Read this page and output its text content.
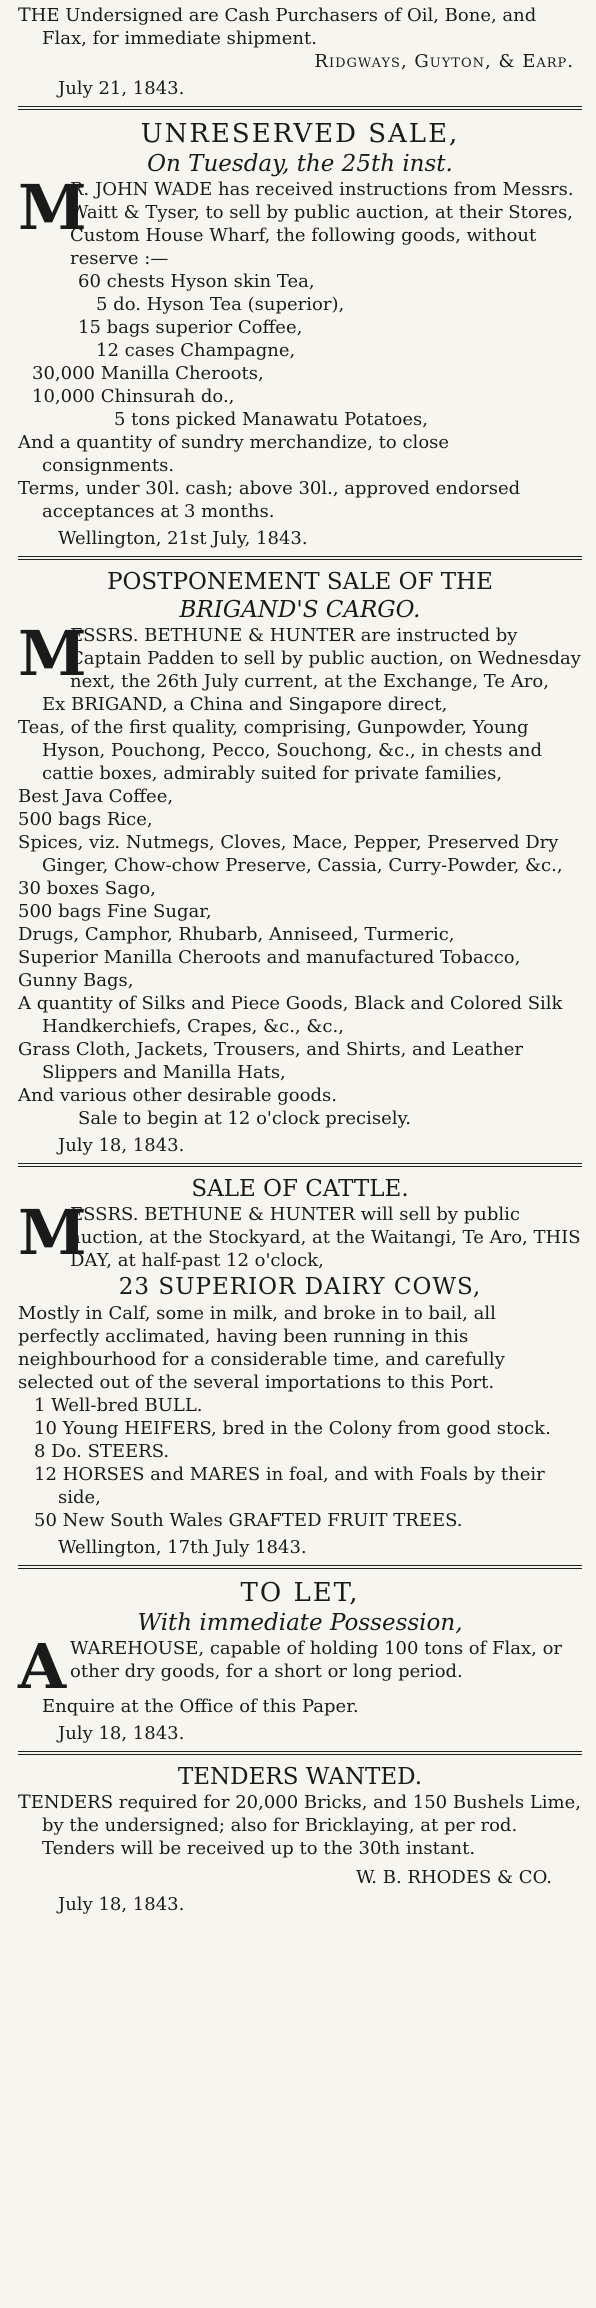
THE Undersigned are Cash Purchasers of Oil, Bone, and Flax, for immediate shipment.

Ridgways, Guyton, & Earp.

July 21, 1843.

UNRESERVED SALE,

On Tuesday, the 25th inst.

M

R. JOHN WADE has received instructions from Messrs. Waitt & Tyser, to sell by public auction, at their Stores, Custom House Wharf, the following goods, without reserve :—

60 chests Hyson skin Tea,

5 do. Hyson Tea (superior),

15 bags superior Coffee,

12 cases Champagne,

30,000 Manilla Cheroots,

10,000 Chinsurah do.,

5 tons picked Manawatu Potatoes,

And a quantity of sundry merchandize, to close consignments.

Terms, under 30l. cash; above 30l., approved endorsed acceptances at 3 months.

Wellington, 21st July, 1843.

POSTPONEMENT SALE OF THE

BRIGAND'S CARGO.

M

ESSRS. BETHUNE & HUNTER are instructed by Captain Padden to sell by public auction, on Wednesday next, the 26th July current, at the Exchange, Te Aro,

Ex BRIGAND, a China and Singapore direct,

Teas, of the first quality, comprising, Gunpowder, Young Hyson, Pouchong, Pecco, Souchong, &c., in chests and cattie boxes, admirably suited for private families,

Best Java Coffee,

500 bags Rice,

Spices, viz. Nutmegs, Cloves, Mace, Pepper, Preserved Dry Ginger, Chow-chow Preserve, Cassia, Curry-Powder, &c.,

30 boxes Sago,

500 bags Fine Sugar,

Drugs, Camphor, Rhubarb, Anniseed, Turmeric,

Superior Manilla Cheroots and manufactured Tobacco,

Gunny Bags,

A quantity of Silks and Piece Goods, Black and Colored Silk Handkerchiefs, Crapes, &c., &c.,

Grass Cloth, Jackets, Trousers, and Shirts, and Leather Slippers and Manilla Hats,

And various other desirable goods.

Sale to begin at 12 o'clock precisely.

July 18, 1843.

SALE OF CATTLE.

M

ESSRS. BETHUNE & HUNTER will sell by public auction, at the Stockyard, at the Waitangi, Te Aro, THIS DAY, at half-past 12 o'clock,

23 SUPERIOR DAIRY COWS,

Mostly in Calf, some in milk, and broke in to bail, all perfectly acclimated, having been running in this neighbourhood for a considerable time, and carefully selected out of the several importations to this Port.

1 Well-bred BULL.

10 Young HEIFERS, bred in the Colony from good stock.

8 Do. STEERS.

12 HORSES and MARES in foal, and with Foals by their side,

50 New South Wales GRAFTED FRUIT TREES.

Wellington, 17th July 1843.

TO LET,

With immediate Possession,

A WAREHOUSE, capable of holding 100 tons of Flax, or other dry goods, for a short or long period.

Enquire at the Office of this Paper.

July 18, 1843.

TENDERS WANTED.

TENDERS required for 20,000 Bricks, and 150 Bushels Lime, by the undersigned; also for Bricklaying, at per rod. Tenders will be received up to the 30th instant.

W. B. RHODES & CO.

July 18, 1843.
